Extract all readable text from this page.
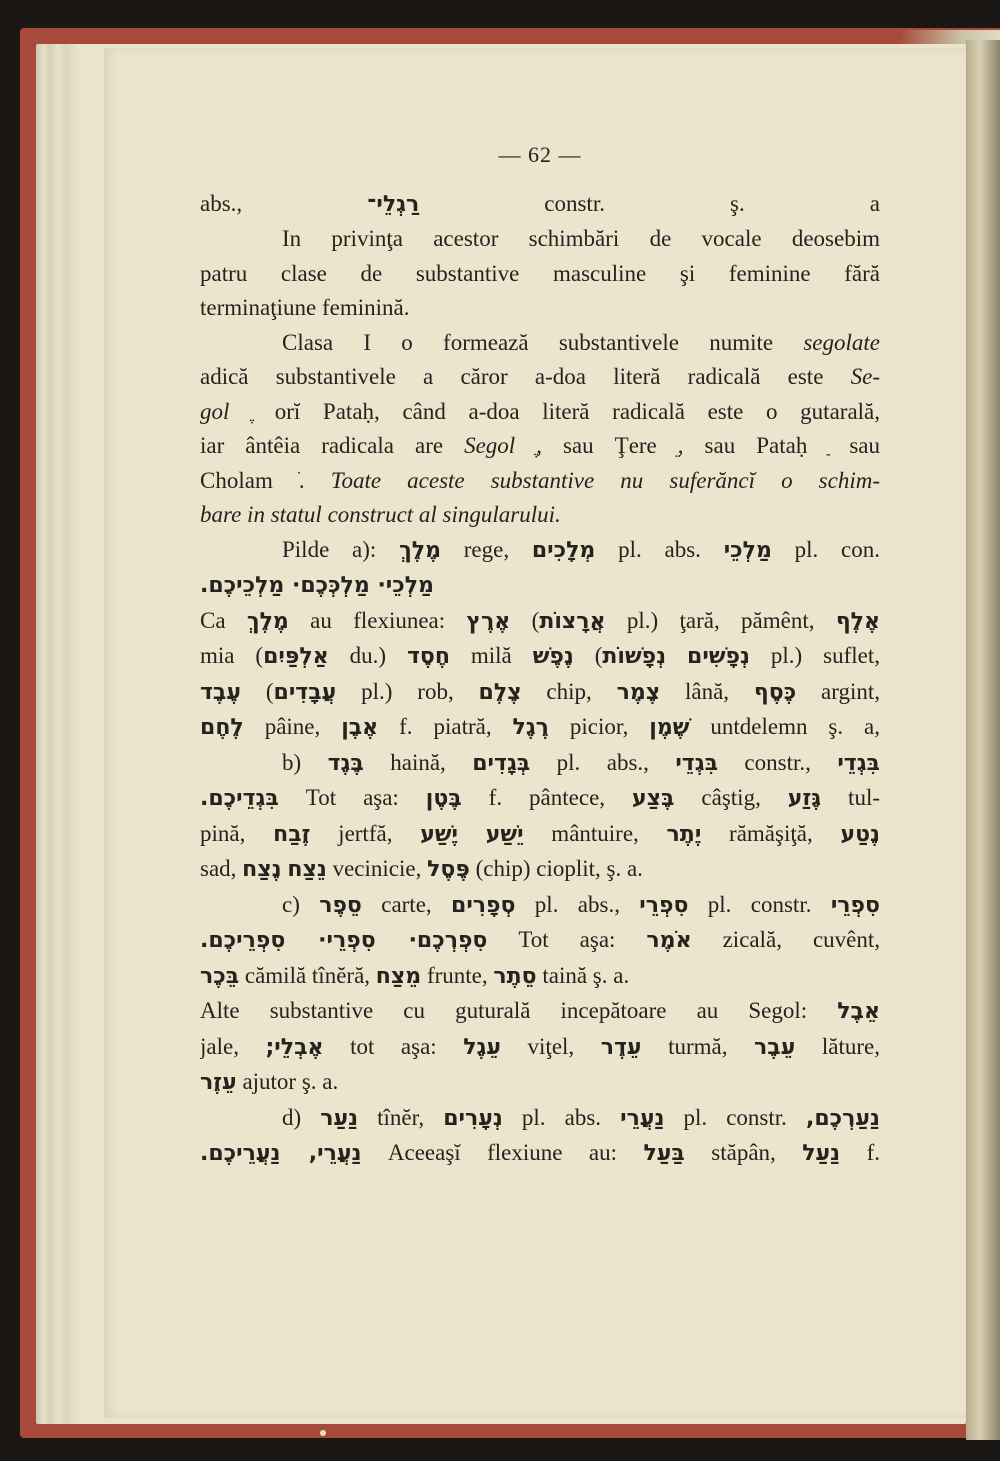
— 62 —
abs., רַגְלֵי־ constr. ş. a
In privinţa acestor schimbări de vocale deosebim
patru clase de substantive masculine şi feminine fără
terminaţiune feminină.
Clasa I o formează substantivele numite segolate
adică substantivele a căror a-doa literă radicală este Se-
gol ֶ orĭ Pataḥ, când a-doa literă radicală este o gutarală,
iar ântêia radicala are Segol ֶ, sau Ţere ֵ, sau Pataḥ ַ sau
Cholam ֹ. Toate aceste substantive nu suferăncĭ o schim-
bare in statul construct al singularului.
Pilde a): מֶלֶךְ rege, מְלָכִים pl. abs. מַלְכֵי pl. con.
מַלְכֵי· מַלְכְּכֶם· מַלְכֵיכֶם.
Ca מֶלֶךְ au flexiunea: אֶרֶץ (אֲרָצוֹת pl.) ţară, pămênt, אֶלֶף
mia (אַלְפַּיִם du.) חֶסֶד milă נֶפֶשׁ (נְפָשׁוֹת נְפָשִׁים pl.) suflet,
עֶבֶד (עֲבָדִים pl.) rob, צֶלֶם chip, צֶמֶר lână, כֶּסֶף argint,
לֶחֶם pâine, אֶבֶן f. piatră, רֶגֶל picior, שֶׁמֶן untdelemn ş. a,
b) בֶּגֶד haină, בְּגָדִים pl. abs., בִּגְדֵי constr., בִּגְדֵי
בִּגְדֵיכֶם. Tot aşa: בֶּטֶן f. pântece, בֶּצַע câştig, גֶּזַע tul-
pină, זֶבַח jertfă, יֶשַׁע יֵשַׁע mântuire, יֶתֶר rămăşiţă, נֶטַע
sad, נֶצַח נֵצַח vecinicie, פֶּסֶל (chip) cioplit, ş. a.
c) סֵפֶר carte, סְפָרִים pl. abs., סִפְרֵי pl. constr. סִפְרֵי
סִפְרְכֶם· סִפְרֵי· סִפְרֵיכֶם. Tot aşa: אֹמֶר zicală, cuvênt,
בֵּכֶר cămilă tînĕră, מֵצַח frunte, סֵתֶר taină ş. a.
Alte substantive cu guturală incepătoare au Segol: אֵבֶל
jale, אֶבְלֵי; tot aşa: עֵגֶל viţel, עֵדֶר turmă, עֵבֶר lăture,
עֵזֶר ajutor ş. a.
d) נַעַר tînĕr, נְעָרִים pl. abs. נַעֲרֵי pl. constr. נַעַרְכֶם,
נַעֲרֵי, נַעֲרֵיכֶם. Aceeaşĭ flexiune au: בַּעַל stăpân, נַעַל f.
